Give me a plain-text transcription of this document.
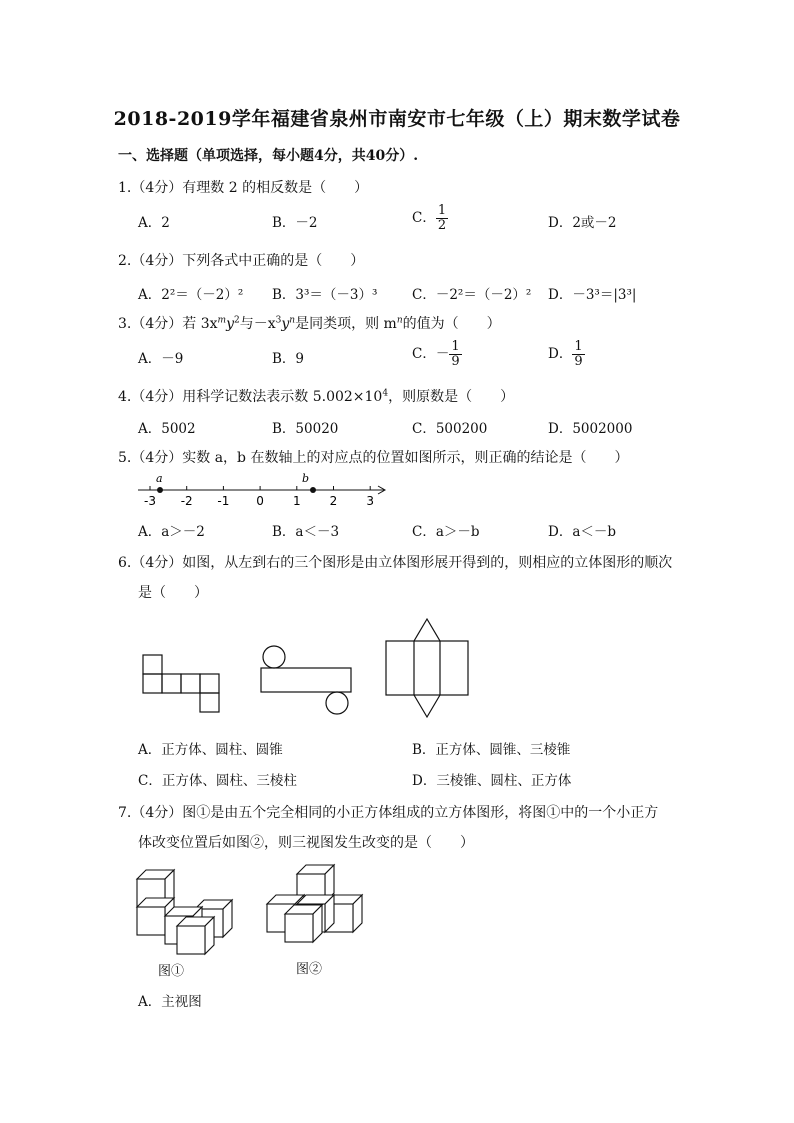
2018-2019学年福建省泉州市南安市七年级（上）期末数学试卷
一、选择题（单项选择，每小题4分，共40分）.
1.（4分）有理数 2 的相反数是（　　）
A．2	B．－2	C． $\frac{1}{2}$	D．2或－2
2.（4分）下列各式中正确的是（　　）
A．2²＝（－2）² B．3³＝（－3）³	C．－2²＝（－2）² D．－3³＝|3³|
3.（4分）若 $3x^my^2$与$-x^3y^n$是同类项，则 $m^n$的值为（　　）
A．－9	B．9	C．－ $\frac{1}{9}$	D． $\frac{1}{9}$
4.（4分）用科学记数法表示数 $5.002\times 10^4$，则原数是（　　）
A．5002	B．50020	C．500200	D．5002000
5.（4分）实数 a，b 在数轴上的对应点的位置如图所示，则正确的结论是（　　）
-3 -2 -1 0 1 2 3
a	b
A．a＞－2	B．a＜－3	C．a＞－b	D．a＜－b
6.（4分）如图，从左到右的三个图形是由立体图形展开得到的，则相应的立体图形的顺次
是（　　）
A．正方体、圆柱、圆锥	B．正方体、圆锥、三棱锥
C．正方体、圆柱、三棱柱	D．三棱锥、圆柱、正方体
7.（4分）图①是由五个完全相同的小正方体组成的立方体图形，将图①中的一个小正方
体改变位置后如图②，则三视图发生改变的是（　　）
图①	图②
A．主视图
